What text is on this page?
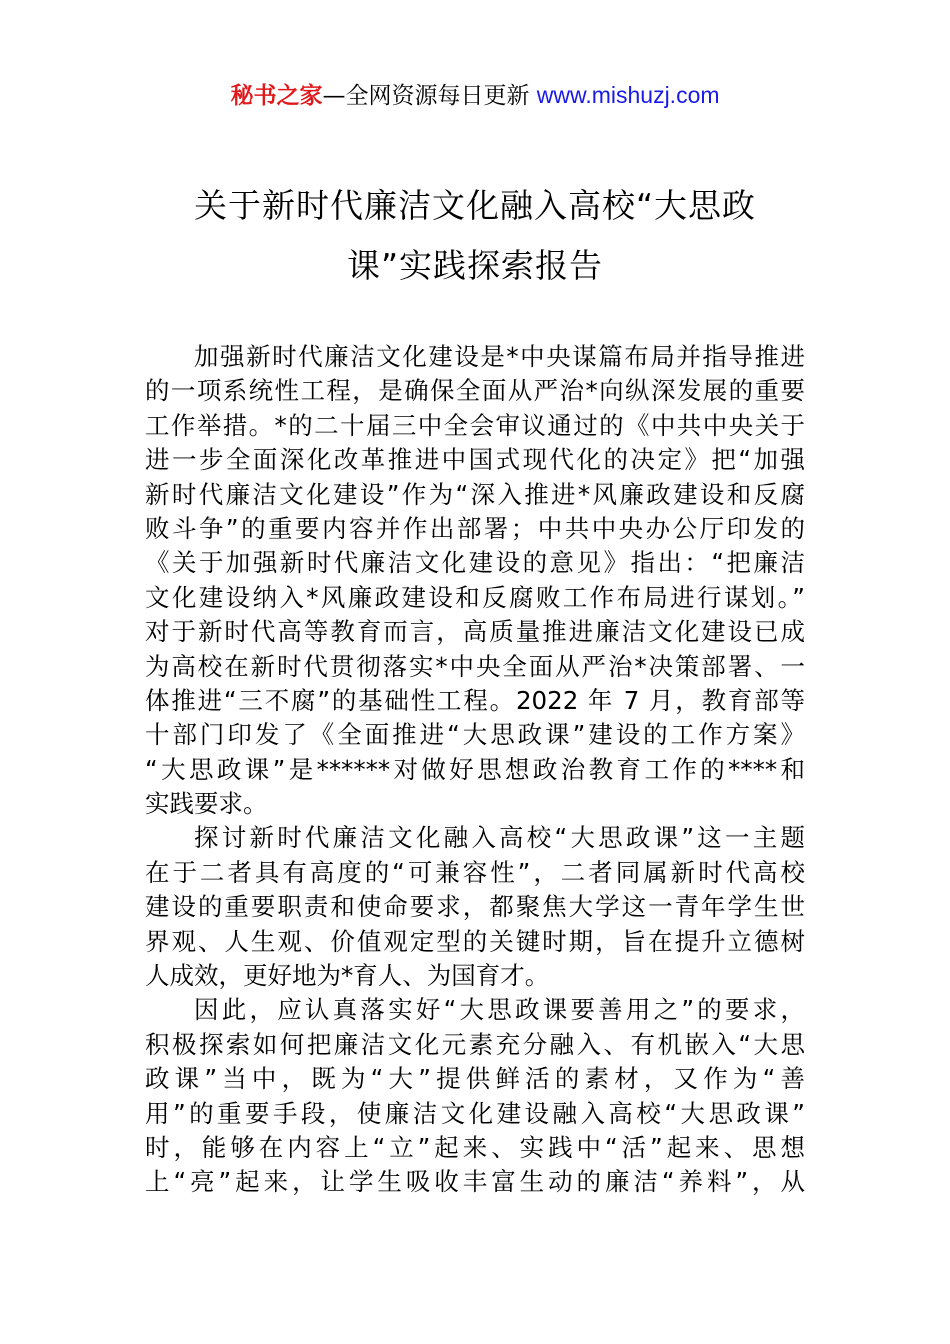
秘书之家—全网资源每日更新 www.mishuzj.com
关于新时代廉洁文化融入高校“大思政
课”实践探索报告
加强新时代廉洁文化建设是*中央谋篇布局并指导推进
的一项系统性工程，是确保全面从严治*向纵深发展的重要
工作举措。*的二十届三中全会审议通过的《中共中央关于
进一步全面深化改革推进中国式现代化的决定》把“加强
新时代廉洁文化建设”作为“深入推进*风廉政建设和反腐
败斗争”的重要内容并作出部署；中共中央办公厅印发的
《关于加强新时代廉洁文化建设的意见》指出：“把廉洁
文化建设纳入*风廉政建设和反腐败工作布局进行谋划。”
对于新时代高等教育而言，高质量推进廉洁文化建设已成
为高校在新时代贯彻落实*中央全面从严治*决策部署、一
体推进“三不腐”的基础性工程。2022 年 7 月，教育部等
十部门印发了《全面推进“大思政课”建设的工作方案》
“大思政课”是******对做好思想政治教育工作的****和
实践要求。
探讨新时代廉洁文化融入高校“大思政课”这一主题
在于二者具有高度的“可兼容性”，二者同属新时代高校
建设的重要职责和使命要求，都聚焦大学这一青年学生世
界观、人生观、价值观定型的关键时期，旨在提升立德树
人成效，更好地为*育人、为国育才。
因此，应认真落实好“大思政课要善用之”的要求，
积极探索如何把廉洁文化元素充分融入、有机嵌入“大思
政课”当中，既为“大”提供鲜活的素材，又作为“善
用”的重要手段，使廉洁文化建设融入高校“大思政课”
时，能够在内容上“立”起来、实践中“活”起来、思想
上“亮”起来，让学生吸收丰富生动的廉洁“养料”，从
